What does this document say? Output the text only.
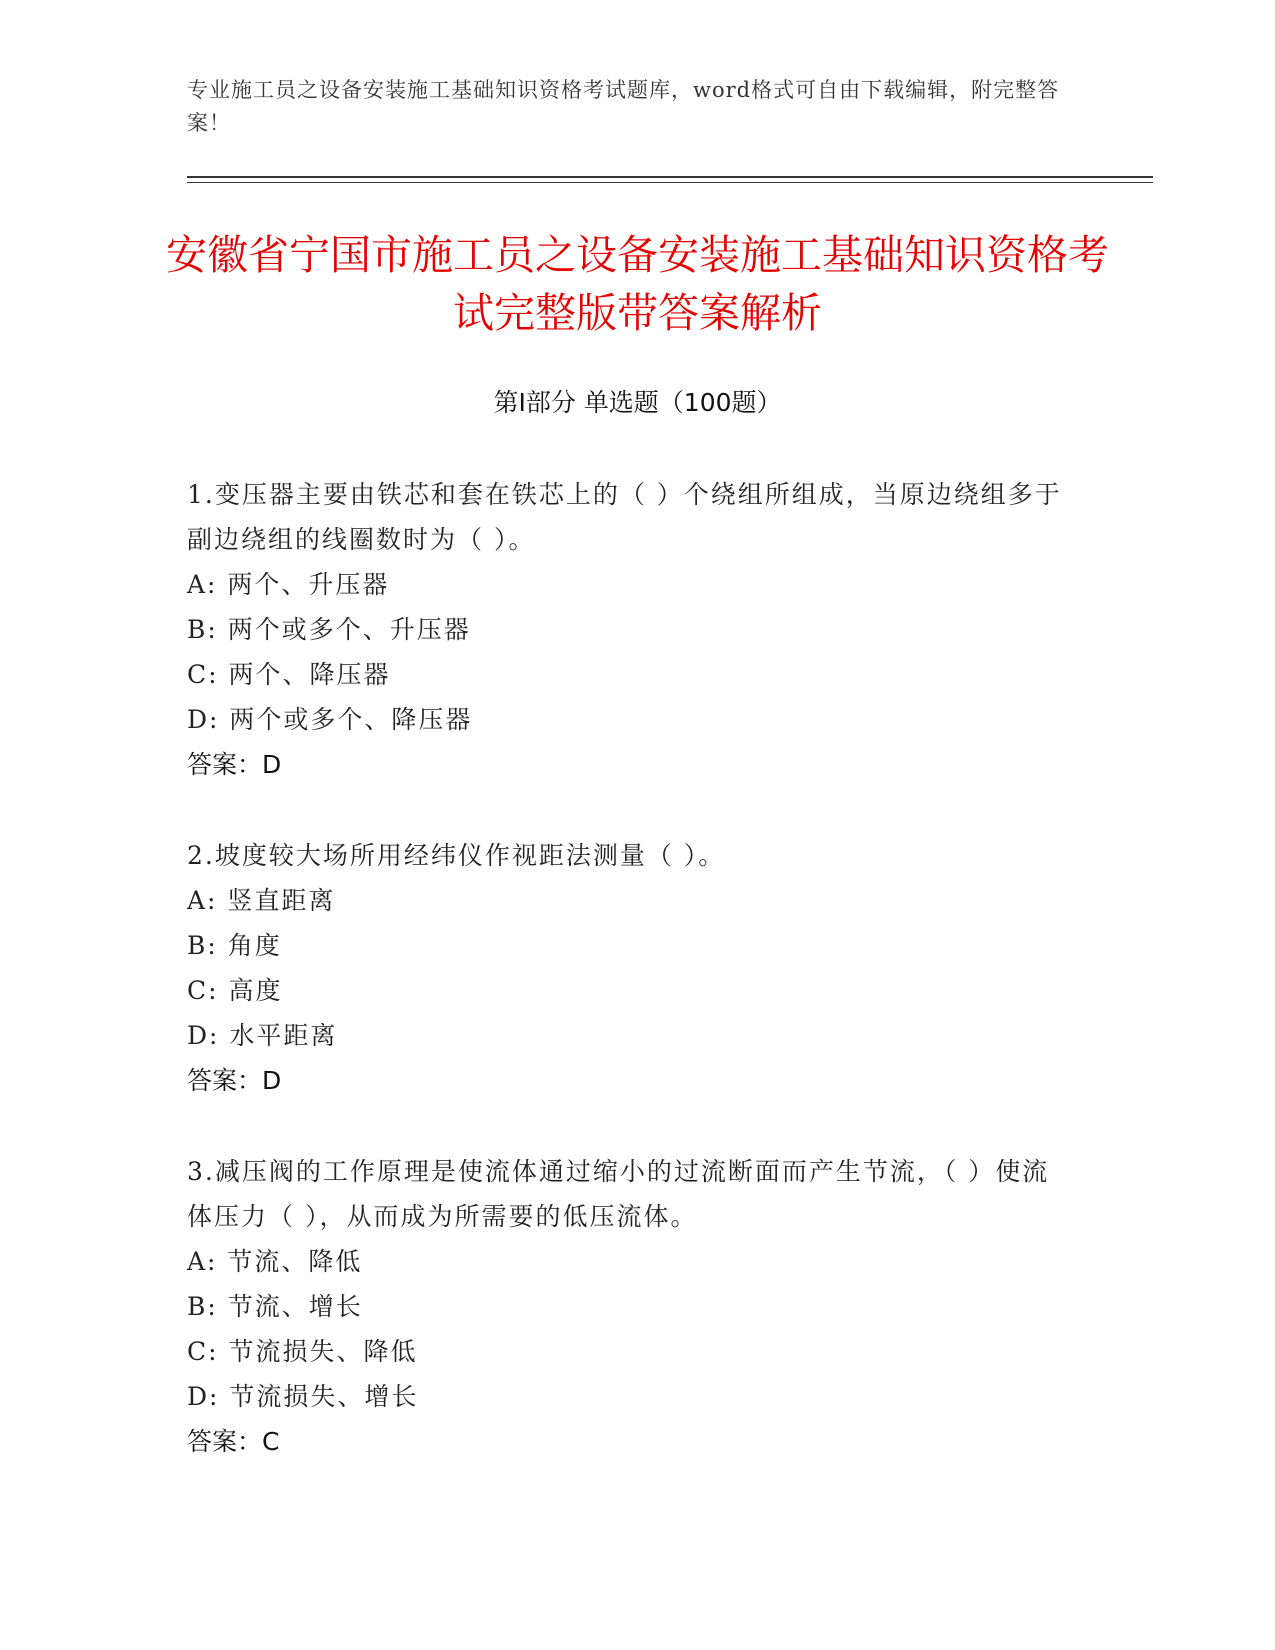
专业施工员之设备安装施工基础知识资格考试题库，word格式可自由下载编辑，附完整答案！
安徽省宁国市施工员之设备安装施工基础知识资格考试完整版带答案解析
第Ⅰ部分 单选题（100题）
1.变压器主要由铁芯和套在铁芯上的（ ）个绕组所组成，当原边绕组多于副边绕组的线圈数时为（ ）。
A: 两个、升压器
B: 两个或多个、升压器
C: 两个、降压器
D: 两个或多个、降压器
答案：D
2.坡度较大场所用经纬仪作视距法测量（ ）。
A: 竖直距离
B: 角度
C: 高度
D: 水平距离
答案：D
3.减压阀的工作原理是使流体通过缩小的过流断面而产生节流，（ ）使流体压力（ ），从而成为所需要的低压流体。
A: 节流、降低
B: 节流、增长
C: 节流损失、降低
D: 节流损失、增长
答案：C
